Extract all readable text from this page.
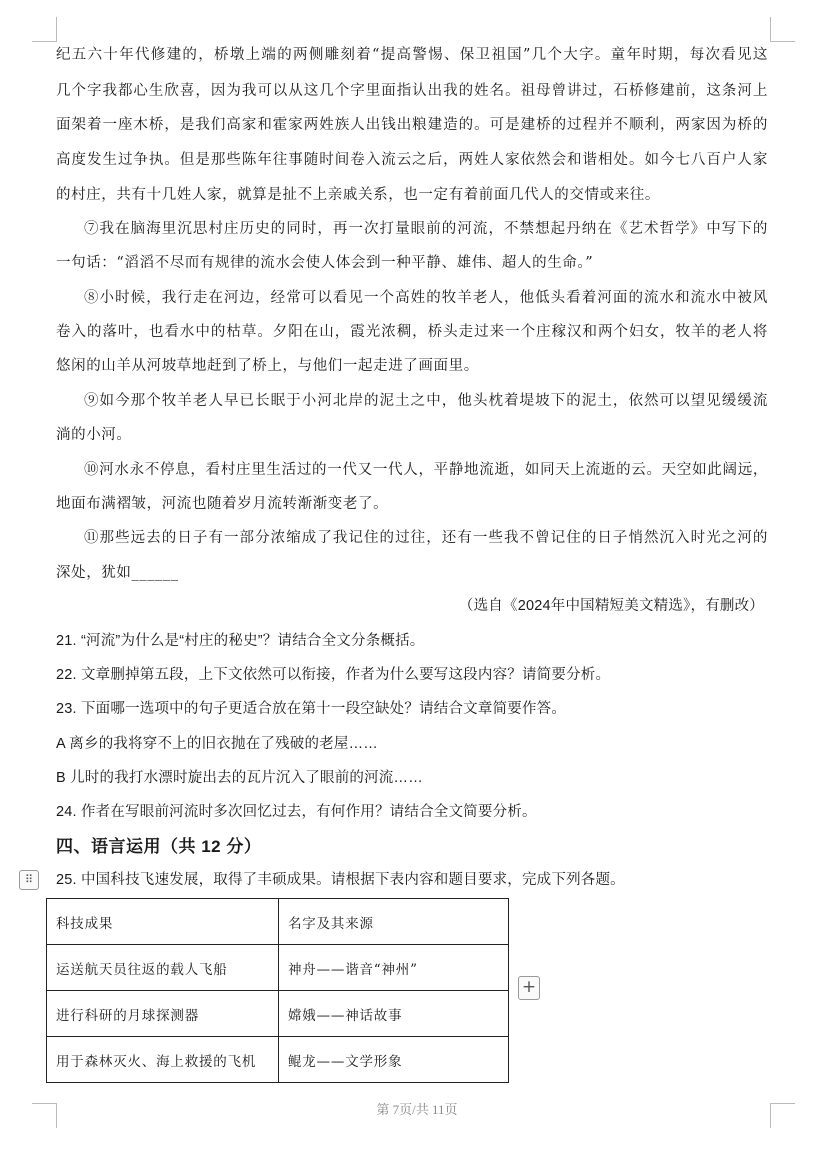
纪五六十年代修建的，桥墩上端的两侧雕刻着“提高警惕、保卫祖国”几个大字。童年时期，每次看见这
几个字我都心生欣喜，因为我可以从这几个字里面指认出我的姓名。祖母曾讲过，石桥修建前，这条河上
面架着一座木桥，是我们高家和霍家两姓族人出钱出粮建造的。可是建桥的过程并不顺利，两家因为桥的
高度发生过争执。但是那些陈年往事随时间卷入流云之后，两姓人家依然会和谐相处。如今七八百户人家
的村庄，共有十几姓人家，就算是扯不上亲戚关系，也一定有着前面几代人的交情或来往。
⑦我在脑海里沉思村庄历史的同时，再一次打量眼前的河流，不禁想起丹纳在《艺术哲学》中写下的
一句话：“滔滔不尽而有规律的流水会使人体会到一种平静、雄伟、超人的生命。”
⑧小时候，我行走在河边，经常可以看见一个高姓的牧羊老人，他低头看着河面的流水和流水中被风
卷入的落叶，也看水中的枯草。夕阳在山，霞光浓稠，桥头走过来一个庄稼汉和两个妇女，牧羊的老人将
悠闲的山羊从河坡草地赶到了桥上，与他们一起走进了画面里。
⑨如今那个牧羊老人早已长眠于小河北岸的泥土之中，他头枕着堤坡下的泥土，依然可以望见缓缓流
淌的小河。
⑩河水永不停息，看村庄里生活过的一代又一代人，平静地流逝，如同天上流逝的云。天空如此阔远，
地面布满褶皱，河流也随着岁月流转渐渐变老了。
⑪那些远去的日子有一部分浓缩成了我记住的过往，还有一些我不曾记住的日子悄然沉入时光之河的
深处，犹如______
（选自《2024年中国精短美文精选》，有删改）
21. “河流”为什么是“村庄的秘史”？请结合全文分条概括。
22. 文章删掉第五段，上下文依然可以衔接，作者为什么要写这段内容？请简要分析。
23. 下面哪一选项中的句子更适合放在第十一段空缺处？请结合文章简要作答。
A 离乡的我将穿不上的旧衣抛在了残破的老屋……
B 儿时的我打水漂时旋出去的瓦片沉入了眼前的河流……
24. 作者在写眼前河流时多次回忆过去，有何作用？请结合全文简要分析。
四、语言运用（共 12 分）
⠿	25. 中国科技飞速发展，取得了丰硕成果。请根据下表内容和题目要求，完成下列各题。
科技成果	名字及其来源
运送航天员往返的载人飞船	神舟——谐音“神州”
进行科研的月球探测器	嫦娥——神话故事
用于森林灭火、海上救援的飞机	鲲龙——文学形象
+
第 7页/共 11页
